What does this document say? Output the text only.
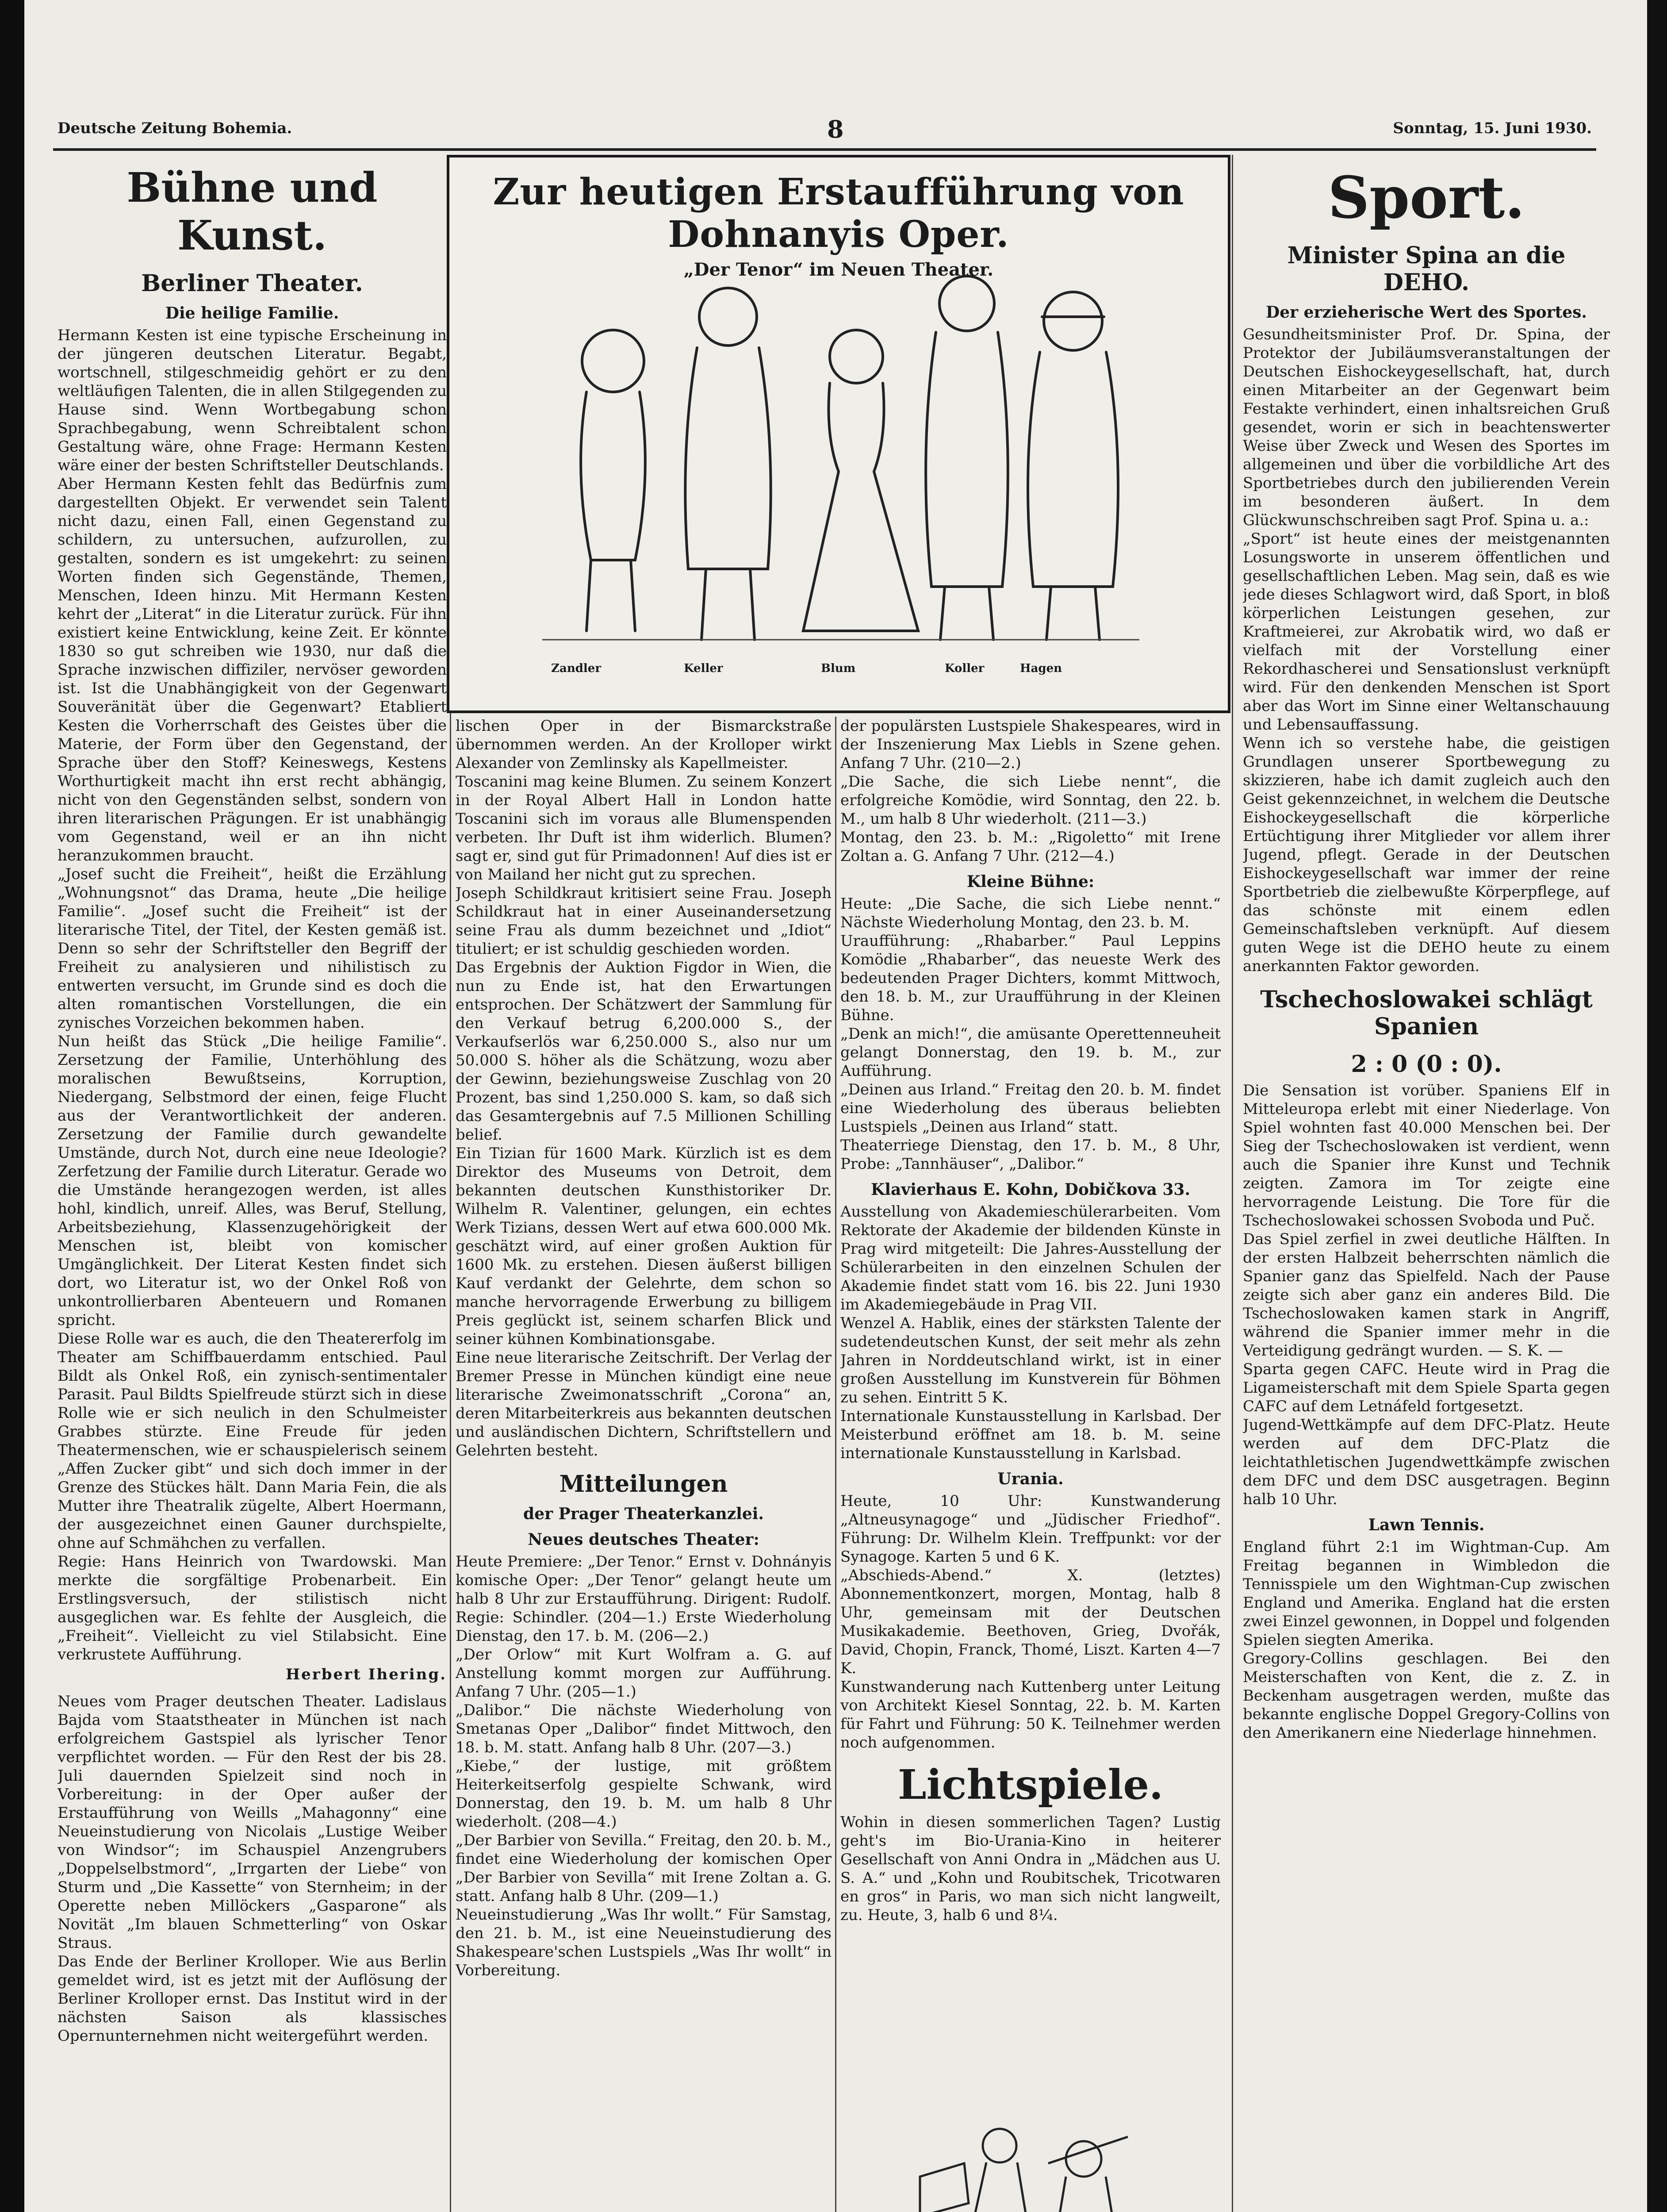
Deutsche Zeitung Bohemia.	8	Sonntag, 15. Juni 1930.
Bühne und Kunst.
Berliner Theater.
Die heilige Familie.

Hermann Kesten ist eine typische Erscheinung in der jüngeren deutschen Literatur. Begabt, wortschnell, stilgeschmeidig gehört er zu den weltläufigen Talenten, die in allen Stilgegenden zu Hause sind. Wenn Wortbegabung schon Sprachbegabung, wenn Schreibtalent schon Gestaltung wäre, ohne Frage: Hermann Kesten wäre einer der besten Schriftsteller Deutschlands.

Aber Hermann Kesten fehlt das Bedürfnis zum dargestellten Objekt. Er verwendet sein Talent nicht dazu, einen Fall, einen Gegenstand zu schildern, zu untersuchen, aufzurollen, zu gestalten, sondern es ist umgekehrt: zu seinen Worten finden sich Gegenstände, Themen, Menschen, Ideen hinzu. Mit Hermann Kesten kehrt der „Literat“ in die Literatur zurück. Für ihn existiert keine Entwicklung, keine Zeit. Er könnte 1830 so gut schreiben wie 1930, nur daß die Sprache inzwischen diffiziler, nervöser geworden ist. Ist die Unabhängigkeit von der Gegenwart Souveränität über die Gegenwart? Etabliert Kesten die Vorherrschaft des Geistes über die Materie, der Form über den Gegenstand, der Sprache über den Stoff? Keineswegs, Kestens Worthurtigkeit macht ihn erst recht abhängig, nicht von den Gegenständen selbst, sondern von ihren literarischen Prägungen. Er ist unabhängig vom Gegenstand, weil er an ihn nicht heranzukommen braucht.

„Josef sucht die Freiheit“, heißt die Erzählung „Wohnungsnot“ das Drama, heute „Die heilige Familie“. „Josef sucht die Freiheit“ ist der literarische Titel, der Titel, der Kesten gemäß ist. Denn so sehr der Schriftsteller den Begriff der Freiheit zu analysieren und nihilistisch zu entwerten versucht, im Grunde sind es doch die alten romantischen Vorstellungen, die ein zynisches Vorzeichen bekommen haben.

Nun heißt das Stück „Die heilige Familie“. Zersetzung der Familie, Unterhöhlung des moralischen Bewußtseins, Korruption, Niedergang, Selbstmord der einen, feige Flucht aus der Verantwortlichkeit der anderen. Zersetzung der Familie durch gewandelte Umstände, durch Not, durch eine neue Ideologie? Zerfetzung der Familie durch Literatur. Gerade wo die Umstände herangezogen werden, ist alles hohl, kindlich, unreif. Alles, was Beruf, Stellung, Arbeitsbeziehung, Klassenzugehörigkeit der Menschen ist, bleibt von komischer Umgänglichkeit. Der Literat Kesten findet sich dort, wo Literatur ist, wo der Onkel Roß von unkontrollierbaren Abenteuern und Romanen spricht.

Diese Rolle war es auch, die den Theatererfolg im Theater am Schiffbauerdamm entschied. Paul Bildt als Onkel Roß, ein zynisch-sentimentaler Parasit. Paul Bildts Spielfreude stürzt sich in diese Rolle wie er sich neulich in den Schulmeister Grabbes stürzte. Eine Freude für jeden Theatermenschen, wie er schauspielerisch seinem „Affen Zucker gibt“ und sich doch immer in der Grenze des Stückes hält. Dann Maria Fein, die als Mutter ihre Theatralik zügelte, Albert Hoermann, der ausgezeichnet einen Gauner durchspielte, ohne auf Schmähchen zu verfallen.

Regie: Hans Heinrich von Twardowski. Man merkte die sorgfältige Probenarbeit. Ein Erstlingsversuch, der stilistisch nicht ausgeglichen war. Es fehlte der Ausgleich, die „Freiheit“. Vielleicht zu viel Stilabsicht. Eine verkrustete Aufführung.

Herbert Ihering.

Neues vom Prager deutschen Theater. Ladislaus Bajda vom Staatstheater in München ist nach erfolgreichem Gastspiel als lyrischer Tenor verpflichtet worden. — Für den Rest der bis 28. Juli dauernden Spielzeit sind noch in Vorbereitung: in der Oper außer der Erstaufführung von Weills „Mahagonny“ eine Neueinstudierung von Nicolais „Lustige Weiber von Windsor“; im Schauspiel Anzengrubers „Doppelselbstmord“, „Irrgarten der Liebe“ von Sturm und „Die Kassette“ von Sternheim; in der Operette neben Millöckers „Gasparone“ als Novität „Im blauen Schmetterling“ von Oskar Straus.

Das Ende der Berliner Krolloper. Wie aus Berlin gemeldet wird, ist es jetzt mit der Auflösung der Berliner Krolloper ernst. Das Institut wird in der nächsten Saison als klassisches Opernunternehmen nicht weitergeführt werden.

Zur heutigen Erstaufführung von Dohnanyis Oper.
„Der Tenor“ im Neuen Theater.
Zandler	Keller	Blum	Koller	Hagen

lischen Oper in der Bismarckstraße übernommen werden. An der Krolloper wirkt Alexander von Zemlinsky als Kapellmeister.

Toscanini mag keine Blumen. Zu seinem Konzert in der Royal Albert Hall in London hatte Toscanini sich im voraus alle Blumenspenden verbeten. Ihr Duft ist ihm widerlich. Blumen? sagt er, sind gut für Primadonnen! Auf dies ist er von Mailand her nicht gut zu sprechen.

Joseph Schildkraut kritisiert seine Frau. Joseph Schildkraut hat in einer Auseinandersetzung seine Frau als dumm bezeichnet und „Idiot“ tituliert; er ist schuldig geschieden worden.

Das Ergebnis der Auktion Figdor in Wien, die nun zu Ende ist, hat den Erwartungen entsprochen. Der Schätzwert der Sammlung für den Verkauf betrug 6,200.000 S., der Verkaufserlös war 6,250.000 S., also nur um 50.000 S. höher als die Schätzung, wozu aber der Gewinn, beziehungsweise Zuschlag von 20 Prozent, bas sind 1,250.000 S. kam, so daß sich das Gesamtergebnis auf 7.5 Millionen Schilling belief.

Ein Tizian für 1600 Mark. Kürzlich ist es dem Direktor des Museums von Detroit, dem bekannten deutschen Kunsthistoriker Dr. Wilhelm R. Valentiner, gelungen, ein echtes Werk Tizians, dessen Wert auf etwa 600.000 Mk. geschätzt wird, auf einer großen Auktion für 1600 Mk. zu erstehen. Diesen äußerst billigen Kauf verdankt der Gelehrte, dem schon so manche hervorragende Erwerbung zu billigem Preis geglückt ist, seinem scharfen Blick und seiner kühnen Kombinationsgabe.

Eine neue literarische Zeitschrift. Der Verlag der Bremer Presse in München kündigt eine neue literarische Zweimonatsschrift „Corona“ an, deren Mitarbeiterkreis aus bekannten deutschen und ausländischen Dichtern, Schriftstellern und Gelehrten besteht.

Mitteilungen
der Prager Theaterkanzlei.
Neues deutsches Theater:

Heute Premiere: „Der Tenor.“ Ernst v. Dohnányis komische Oper: „Der Tenor“ gelangt heute um halb 8 Uhr zur Erstaufführung. Dirigent: Rudolf. Regie: Schindler. (204—1.) Erste Wiederholung Dienstag, den 17. b. M. (206—2.)

„Der Orlow“ mit Kurt Wolfram a. G. auf Anstellung kommt morgen zur Aufführung. Anfang 7 Uhr. (205—1.)

„Dalibor.“ Die nächste Wiederholung von Smetanas Oper „Dalibor“ findet Mittwoch, den 18. b. M. statt. Anfang halb 8 Uhr. (207—3.)

„Kiebe,“ der lustige, mit größtem Heiterkeitserfolg gespielte Schwank, wird Donnerstag, den 19. b. M. um halb 8 Uhr wiederholt. (208—4.)

„Der Barbier von Sevilla.“ Freitag, den 20. b. M., findet eine Wiederholung der komischen Oper „Der Barbier von Sevilla“ mit Irene Zoltan a. G. statt. Anfang halb 8 Uhr. (209—1.)

Neueinstudierung „Was Ihr wollt.“ Für Samstag, den 21. b. M., ist eine Neueinstudierung des Shakespeare'schen Lustspiels „Was Ihr wollt“ in Vorbereitung.

der populärsten Lustspiele Shakespeares, wird in der Inszenierung Max Liebls in Szene gehen. Anfang 7 Uhr. (210—2.)

„Die Sache, die sich Liebe nennt“, die erfolgreiche Komödie, wird Sonntag, den 22. b. M., um halb 8 Uhr wiederholt. (211—3.)

Montag, den 23. b. M.: „Rigoletto“ mit Irene Zoltan a. G. Anfang 7 Uhr. (212—4.)

Kleine Bühne:

Heute: „Die Sache, die sich Liebe nennt.“ Nächste Wiederholung Montag, den 23. b. M.

Uraufführung: „Rhabarber.“ Paul Leppins Komödie „Rhabarber“, das neueste Werk des bedeutenden Prager Dichters, kommt Mittwoch, den 18. b. M., zur Uraufführung in der Kleinen Bühne.

„Denk an mich!“, die amüsante Operettenneuheit gelangt Donnerstag, den 19. b. M., zur Aufführung.

„Deinen aus Irland.“ Freitag den 20. b. M. findet eine Wiederholung des überaus beliebten Lustspiels „Deinen aus Irland“ statt.

Theaterriege Dienstag, den 17. b. M., 8 Uhr, Probe: „Tannhäuser“, „Dalibor.“

Klavierhaus E. Kohn, Dobičkova 33.

Ausstellung von Akademieschülerarbeiten. Vom Rektorate der Akademie der bildenden Künste in Prag wird mitgeteilt: Die Jahres-Ausstellung der Schülerarbeiten in den einzelnen Schulen der Akademie findet statt vom 16. bis 22. Juni 1930 im Akademiegebäude in Prag VII.

Wenzel A. Hablik, eines der stärksten Talente der sudetendeutschen Kunst, der seit mehr als zehn Jahren in Norddeutschland wirkt, ist in einer großen Ausstellung im Kunstverein für Böhmen zu sehen. Eintritt 5 K.

Internationale Kunstausstellung in Karlsbad. Der Meisterbund eröffnet am 18. b. M. seine internationale Kunstausstellung in Karlsbad.

Urania.

Heute, 10 Uhr: Kunstwanderung „Altneusynagoge“ und „Jüdischer Friedhof“. Führung: Dr. Wilhelm Klein. Treffpunkt: vor der Synagoge. Karten 5 und 6 K.

„Abschieds-Abend.“ X. (letztes) Abonnementkonzert, morgen, Montag, halb 8 Uhr, gemeinsam mit der Deutschen Musikakademie. Beethoven, Grieg, Dvořák, David, Chopin, Franck, Thomé, Liszt. Karten 4—7 K.

Kunstwanderung nach Kuttenberg unter Leitung von Architekt Kiesel Sonntag, 22. b. M. Karten für Fahrt und Führung: 50 K. Teilnehmer werden noch aufgenommen.

Lichtspiele.

Wohin in diesen sommerlichen Tagen? Lustig geht's im Bio-Urania-Kino in heiterer Gesellschaft von Anni Ondra in „Mädchen aus U. S. A.“ und „Kohn und Roubitschek, Tricotwaren en gros“ in Paris, wo man sich nicht langweilt, zu. Heute, 3, halb 6 und 8¼.

Sport.
Minister Spina an die DEHO.
Der erzieherische Wert des Sportes.

Gesundheitsminister Prof. Dr. Spina, der Protektor der Jubiläumsveranstaltungen der Deutschen Eishockeygesellschaft, hat, durch einen Mitarbeiter an der Gegenwart beim Festakte verhindert, einen inhaltsreichen Gruß gesendet, worin er sich in beachtenswerter Weise über Zweck und Wesen des Sportes im allgemeinen und über die vorbildliche Art des Sportbetriebes durch den jubilierenden Verein im besonderen äußert. In dem Glückwunschschreiben sagt Prof. Spina u. a.:

„Sport“ ist heute eines der meistgenannten Losungsworte in unserem öffentlichen und gesellschaftlichen Leben. Mag sein, daß es wie jede dieses Schlagwort wird, daß Sport, in bloß körperlichen Leistungen gesehen, zur Kraftmeierei, zur Akrobatik wird, wo daß er vielfach mit der Vorstellung einer Rekordhascherei und Sensationslust verknüpft wird. Für den denkenden Menschen ist Sport aber das Wort im Sinne einer Weltanschauung und Lebensauffassung.

Wenn ich so verstehe habe, die geistigen Grundlagen unserer Sportbewegung zu skizzieren, habe ich damit zugleich auch den Geist gekennzeichnet, in welchem die Deutsche Eishockeygesellschaft die körperliche Ertüchtigung ihrer Mitglieder vor allem ihrer Jugend, pflegt. Gerade in der Deutschen Eishockeygesellschaft war immer der reine Sportbetrieb die zielbewußte Körperpflege, auf das schönste mit einem edlen Gemeinschaftsleben verknüpft. Auf diesem guten Wege ist die DEHO heute zu einem anerkannten Faktor geworden.

Tschechoslowakei schlägt Spanien
2 : 0 (0 : 0).

Die Sensation ist vorüber. Spaniens Elf in Mitteleuropa erlebt mit einer Niederlage. Von Spiel wohnten fast 40.000 Menschen bei. Der Sieg der Tschechoslowaken ist verdient, wenn auch die Spanier ihre Kunst und Technik zeigten. Zamora im Tor zeigte eine hervorragende Leistung. Die Tore für die Tschechoslowakei schossen Svoboda und Puč.

Das Spiel zerfiel in zwei deutliche Hälften. In der ersten Halbzeit beherrschten nämlich die Spanier ganz das Spielfeld. Nach der Pause zeigte sich aber ganz ein anderes Bild. Die Tschechoslowaken kamen stark in Angriff, während die Spanier immer mehr in die Verteidigung gedrängt wurden. — S. K. —

Sparta gegen CAFC. Heute wird in Prag die Ligameisterschaft mit dem Spiele Sparta gegen CAFC auf dem Letnáfeld fortgesetzt.

Jugend-Wettkämpfe auf dem DFC-Platz. Heute werden auf dem DFC-Platz die leichtathletischen Jugendwettkämpfe zwischen dem DFC und dem DSC ausgetragen. Beginn halb 10 Uhr.

Lawn Tennis.

England führt 2:1 im Wightman-Cup. Am Freitag begannen in Wimbledon die Tennisspiele um den Wightman-Cup zwischen England und Amerika. England hat die ersten zwei Einzel gewonnen, in Doppel und folgenden Spielen siegten Amerika.

Gregory-Collins geschlagen. Bei den Meisterschaften von Kent, die z. Z. in Beckenham ausgetragen werden, mußte das bekannte englische Doppel Gregory-Collins von den Amerikanern eine Niederlage hinnehmen.
